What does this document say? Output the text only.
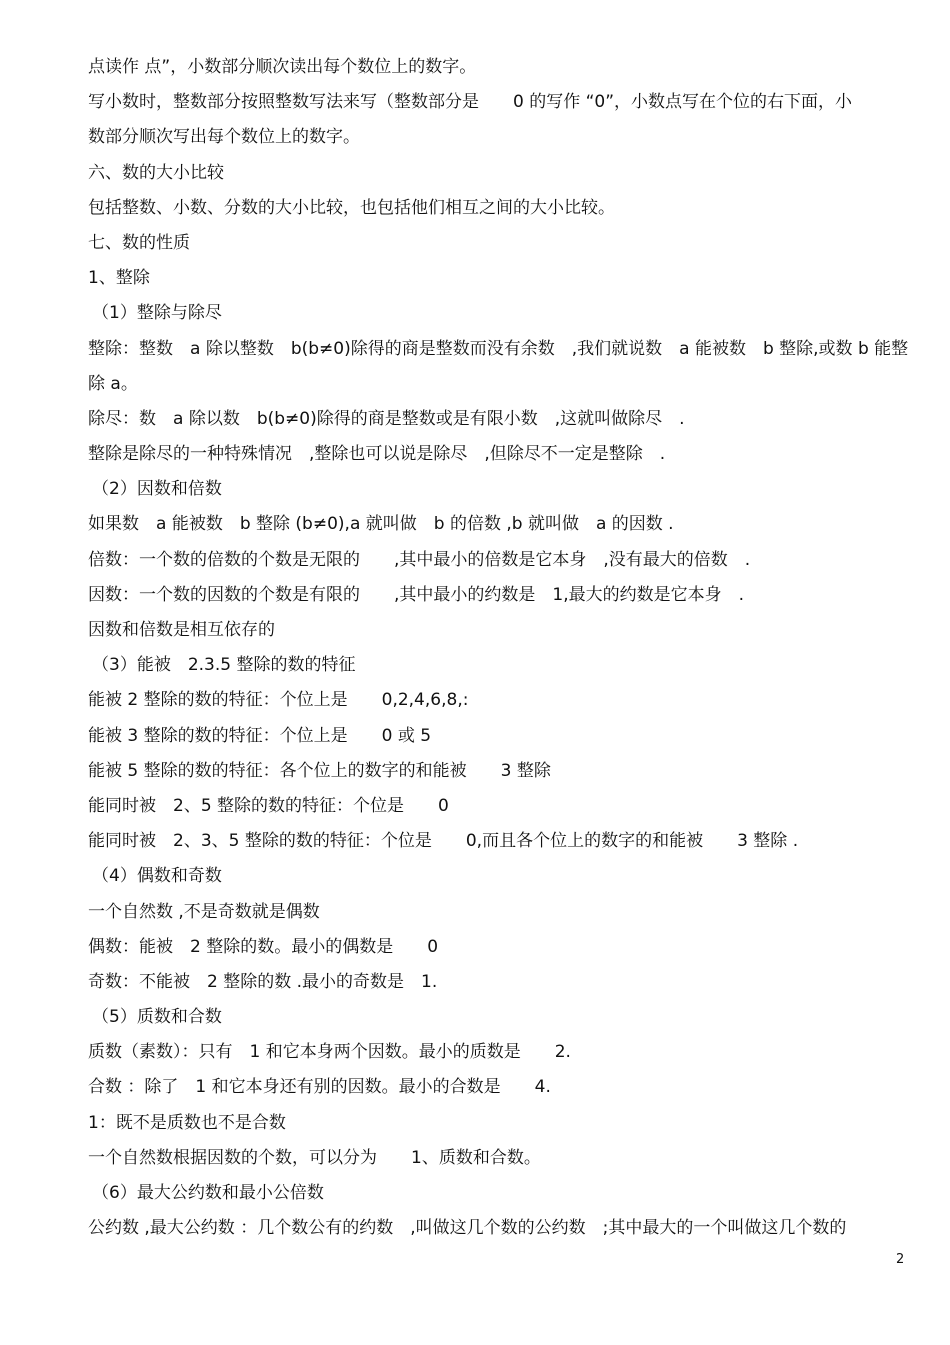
点读作 点”，小数部分顺次读出每个数位上的数字。

写小数时，整数部分按照整数写法来写（整数部分是　　0 的写作 “0”，小数点写在个位的右下面，小

数部分顺次写出每个数位上的数字。

六、数的大小比较

包括整数、小数、分数的大小比较，也包括他们相互之间的大小比较。

七、数的性质

1、整除

（1）整除与除尽

整除：整数　a 除以整数　b(b≠0)除得的商是整数而没有余数　,我们就说数　a 能被数　b 整除,或数 b 能整

除 a。

除尽：数　a 除以数　b(b≠0)除得的商是整数或是有限小数　,这就叫做除尽　.

整除是除尽的一种特殊情况　,整除也可以说是除尽　,但除尽不一定是整除　.

（2）因数和倍数

如果数　a 能被数　b 整除 (b≠0),a 就叫做　b 的倍数 ,b 就叫做　a 的因数 .

倍数：一个数的倍数的个数是无限的　　,其中最小的倍数是它本身　,没有最大的倍数　.

因数：一个数的因数的个数是有限的　　,其中最小的约数是　1,最大的约数是它本身　.

因数和倍数是相互依存的

（3）能被　2.3.5 整除的数的特征

能被 2 整除的数的特征：个位上是　　0,2,4,6,8,:

能被 3 整除的数的特征：个位上是　　0 或 5

能被 5 整除的数的特征：各个位上的数字的和能被　　3 整除

能同时被　2、5 整除的数的特征：个位是　　0

能同时被　2、3、5 整除的数的特征：个位是　　0,而且各个位上的数字的和能被　　3 整除 .

（4）偶数和奇数

一个自然数 ,不是奇数就是偶数

偶数：能被　2 整除的数。最小的偶数是　　0

奇数：不能被　2 整除的数 .最小的奇数是　1.

（5）质数和合数

质数（素数）：只有　1 和它本身两个因数。最小的质数是　　2.

合数 ：除了　1 和它本身还有别的因数。最小的合数是　　4.

1：既不是质数也不是合数

一个自然数根据因数的个数，可以分为　　1、质数和合数。

（6）最大公约数和最小公倍数

公约数 ,最大公约数 ：几个数公有的约数　,叫做这几个数的公约数　;其中最大的一个叫做这几个数的

2
